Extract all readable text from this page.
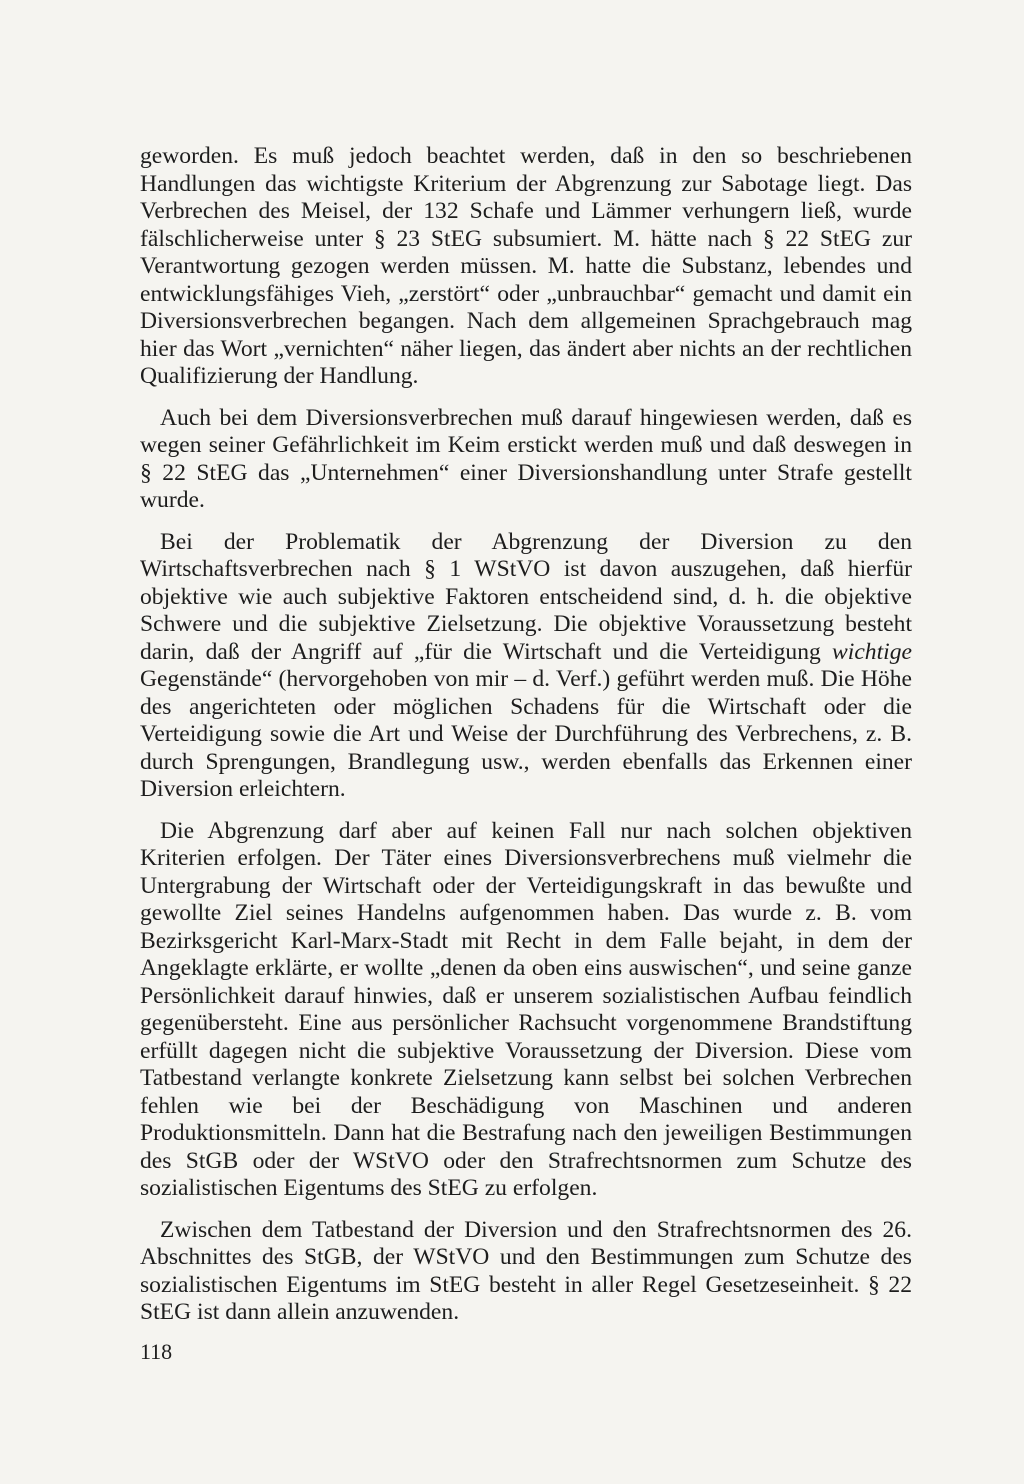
geworden. Es muß jedoch beachtet werden, daß in den so beschriebenen Handlungen das wichtigste Kriterium der Abgrenzung zur Sabotage liegt. Das Verbrechen des Meisel, der 132 Schafe und Lämmer verhungern ließ, wurde fälschlicherweise unter § 23 StEG subsumiert. M. hätte nach § 22 StEG zur Verantwortung gezogen werden müssen. M. hatte die Substanz, lebendes und entwicklungsfähiges Vieh, „zerstört“ oder „unbrauchbar“ gemacht und damit ein Diversionsverbrechen begangen. Nach dem allgemeinen Sprachgebrauch mag hier das Wort „vernichten“ näher liegen, das ändert aber nichts an der rechtlichen Qualifizierung der Handlung.

Auch bei dem Diversionsverbrechen muß darauf hingewiesen werden, daß es wegen seiner Gefährlichkeit im Keim erstickt werden muß und daß deswegen in § 22 StEG das „Unternehmen“ einer Diversionshandlung unter Strafe gestellt wurde.

Bei der Problematik der Abgrenzung der Diversion zu den Wirtschaftsverbrechen nach § 1 WStVO ist davon auszugehen, daß hierfür objektive wie auch subjektive Faktoren entscheidend sind, d. h. die objektive Schwere und die subjektive Zielsetzung. Die objektive Voraussetzung besteht darin, daß der Angriff auf „für die Wirtschaft und die Verteidigung wichtige Gegenstände“ (hervorgehoben von mir – d. Verf.) geführt werden muß. Die Höhe des angerichteten oder möglichen Schadens für die Wirtschaft oder die Verteidigung sowie die Art und Weise der Durchführung des Verbrechens, z. B. durch Sprengungen, Brandlegung usw., werden ebenfalls das Erkennen einer Diversion erleichtern.

Die Abgrenzung darf aber auf keinen Fall nur nach solchen objektiven Kriterien erfolgen. Der Täter eines Diversionsverbrechens muß vielmehr die Untergrabung der Wirtschaft oder der Verteidigungskraft in das bewußte und gewollte Ziel seines Handelns aufgenommen haben. Das wurde z. B. vom Bezirksgericht Karl-Marx-Stadt mit Recht in dem Falle bejaht, in dem der Angeklagte erklärte, er wollte „denen da oben eins auswischen“, und seine ganze Persönlichkeit darauf hinwies, daß er unserem sozialistischen Aufbau feindlich gegenübersteht. Eine aus persönlicher Rachsucht vorgenommene Brandstiftung erfüllt dagegen nicht die subjektive Voraussetzung der Diversion. Diese vom Tatbestand verlangte konkrete Zielsetzung kann selbst bei solchen Verbrechen fehlen wie bei der Beschädigung von Maschinen und anderen Produktionsmitteln. Dann hat die Bestrafung nach den jeweiligen Bestimmungen des StGB oder der WStVO oder den Strafrechtsnormen zum Schutze des sozialistischen Eigentums des StEG zu erfolgen.

Zwischen dem Tatbestand der Diversion und den Strafrechtsnormen des 26. Abschnittes des StGB, der WStVO und den Bestimmungen zum Schutze des sozialistischen Eigentums im StEG besteht in aller Regel Gesetzeseinheit. § 22 StEG ist dann allein anzuwenden.

118
